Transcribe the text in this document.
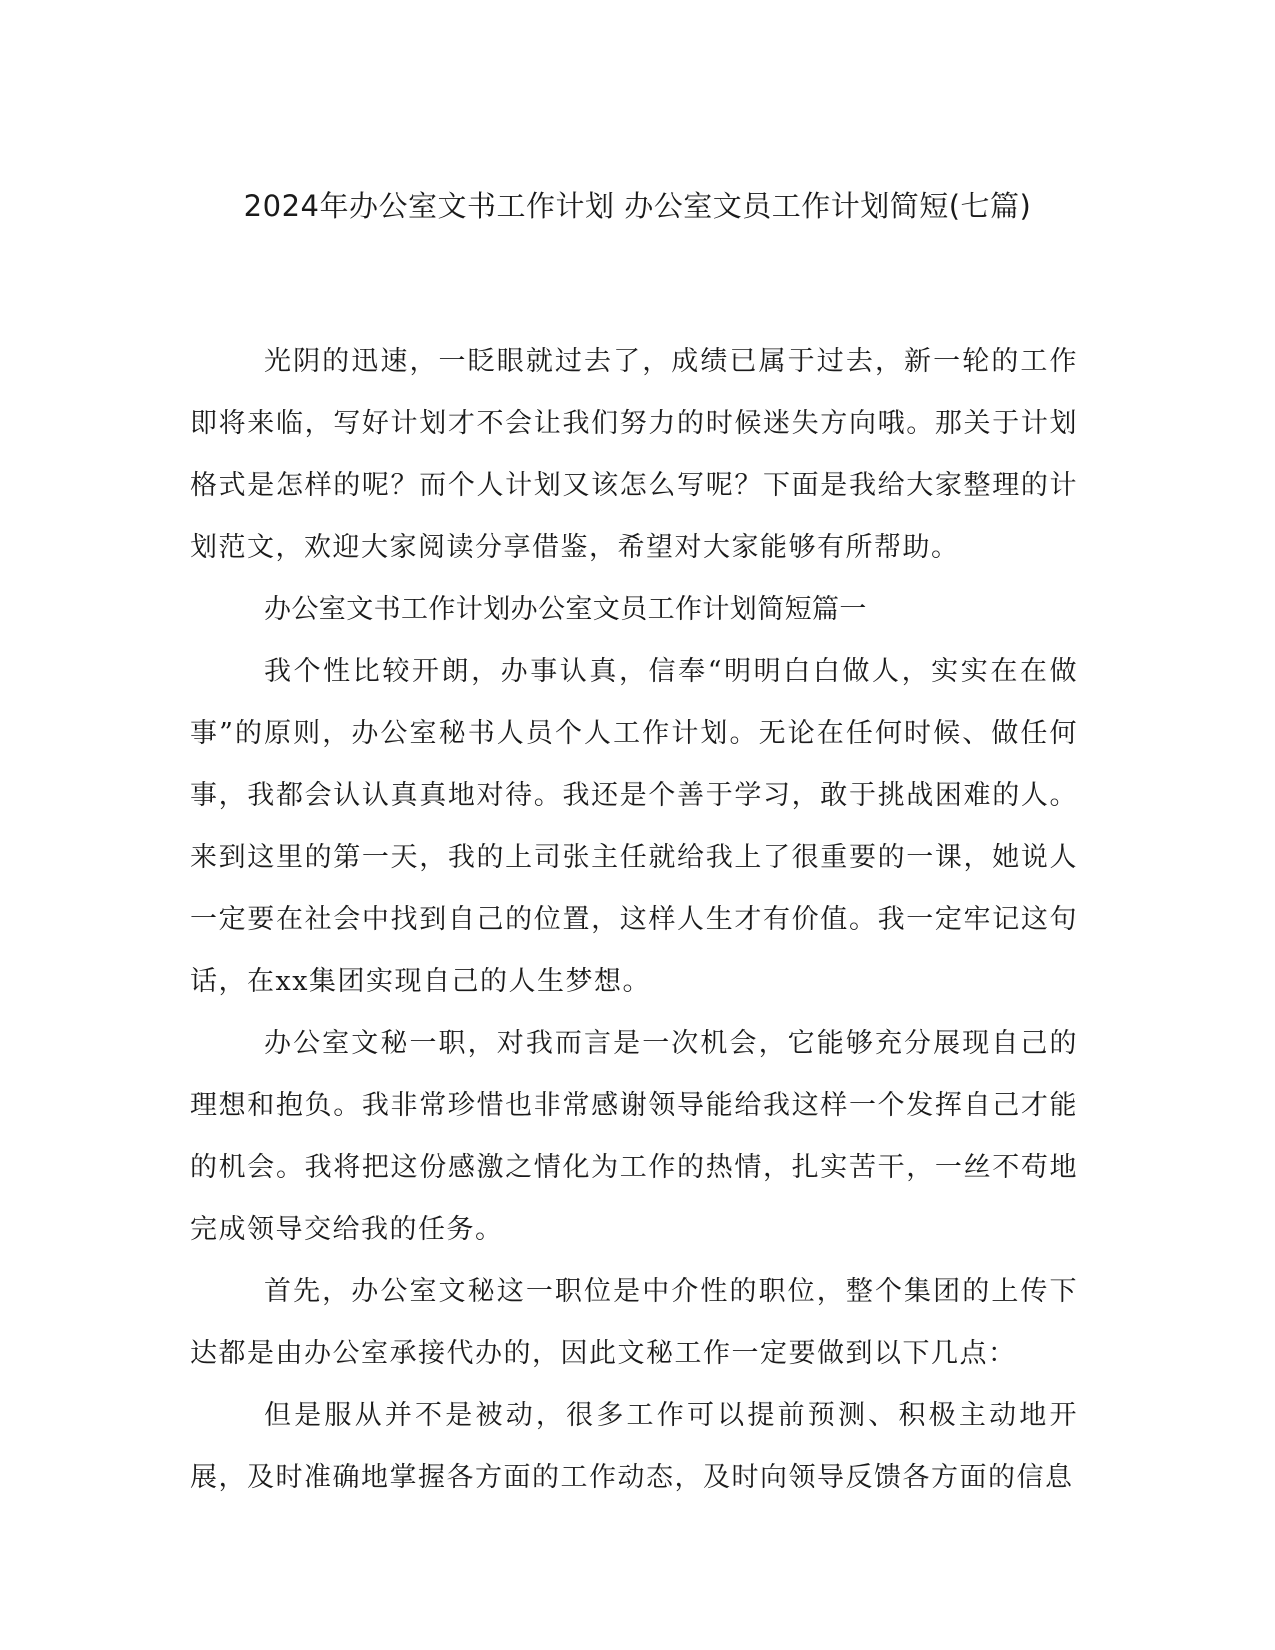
2024年办公室文书工作计划 办公室文员工作计划简短(七篇)

光阴的迅速，一眨眼就过去了，成绩已属于过去，新一轮的工作即将来临，写好计划才不会让我们努力的时候迷失方向哦。那关于计划格式是怎样的呢？而个人计划又该怎么写呢？下面是我给大家整理的计划范文，欢迎大家阅读分享借鉴，希望对大家能够有所帮助。

办公室文书工作计划办公室文员工作计划简短篇一

我个性比较开朗，办事认真，信奉“明明白白做人，实实在在做事”的原则，办公室秘书人员个人工作计划。无论在任何时候、做任何事，我都会认认真真地对待。我还是个善于学习，敢于挑战困难的人。来到这里的第一天，我的上司张主任就给我上了很重要的一课，她说人一定要在社会中找到自己的位置，这样人生才有价值。我一定牢记这句话，在xx集团实现自己的人生梦想。

办公室文秘一职，对我而言是一次机会，它能够充分展现自己的理想和抱负。我非常珍惜也非常感谢领导能给我这样一个发挥自己才能的机会。我将把这份感激之情化为工作的热情，扎实苦干，一丝不苟地完成领导交给我的任务。

首先，办公室文秘这一职位是中介性的职位，整个集团的上传下达都是由办公室承接代办的，因此文秘工作一定要做到以下几点：

但是服从并不是被动，很多工作可以提前预测、积极主动地开展，及时准确地掌握各方面的工作动态，及时向领导反馈各方面的信息
